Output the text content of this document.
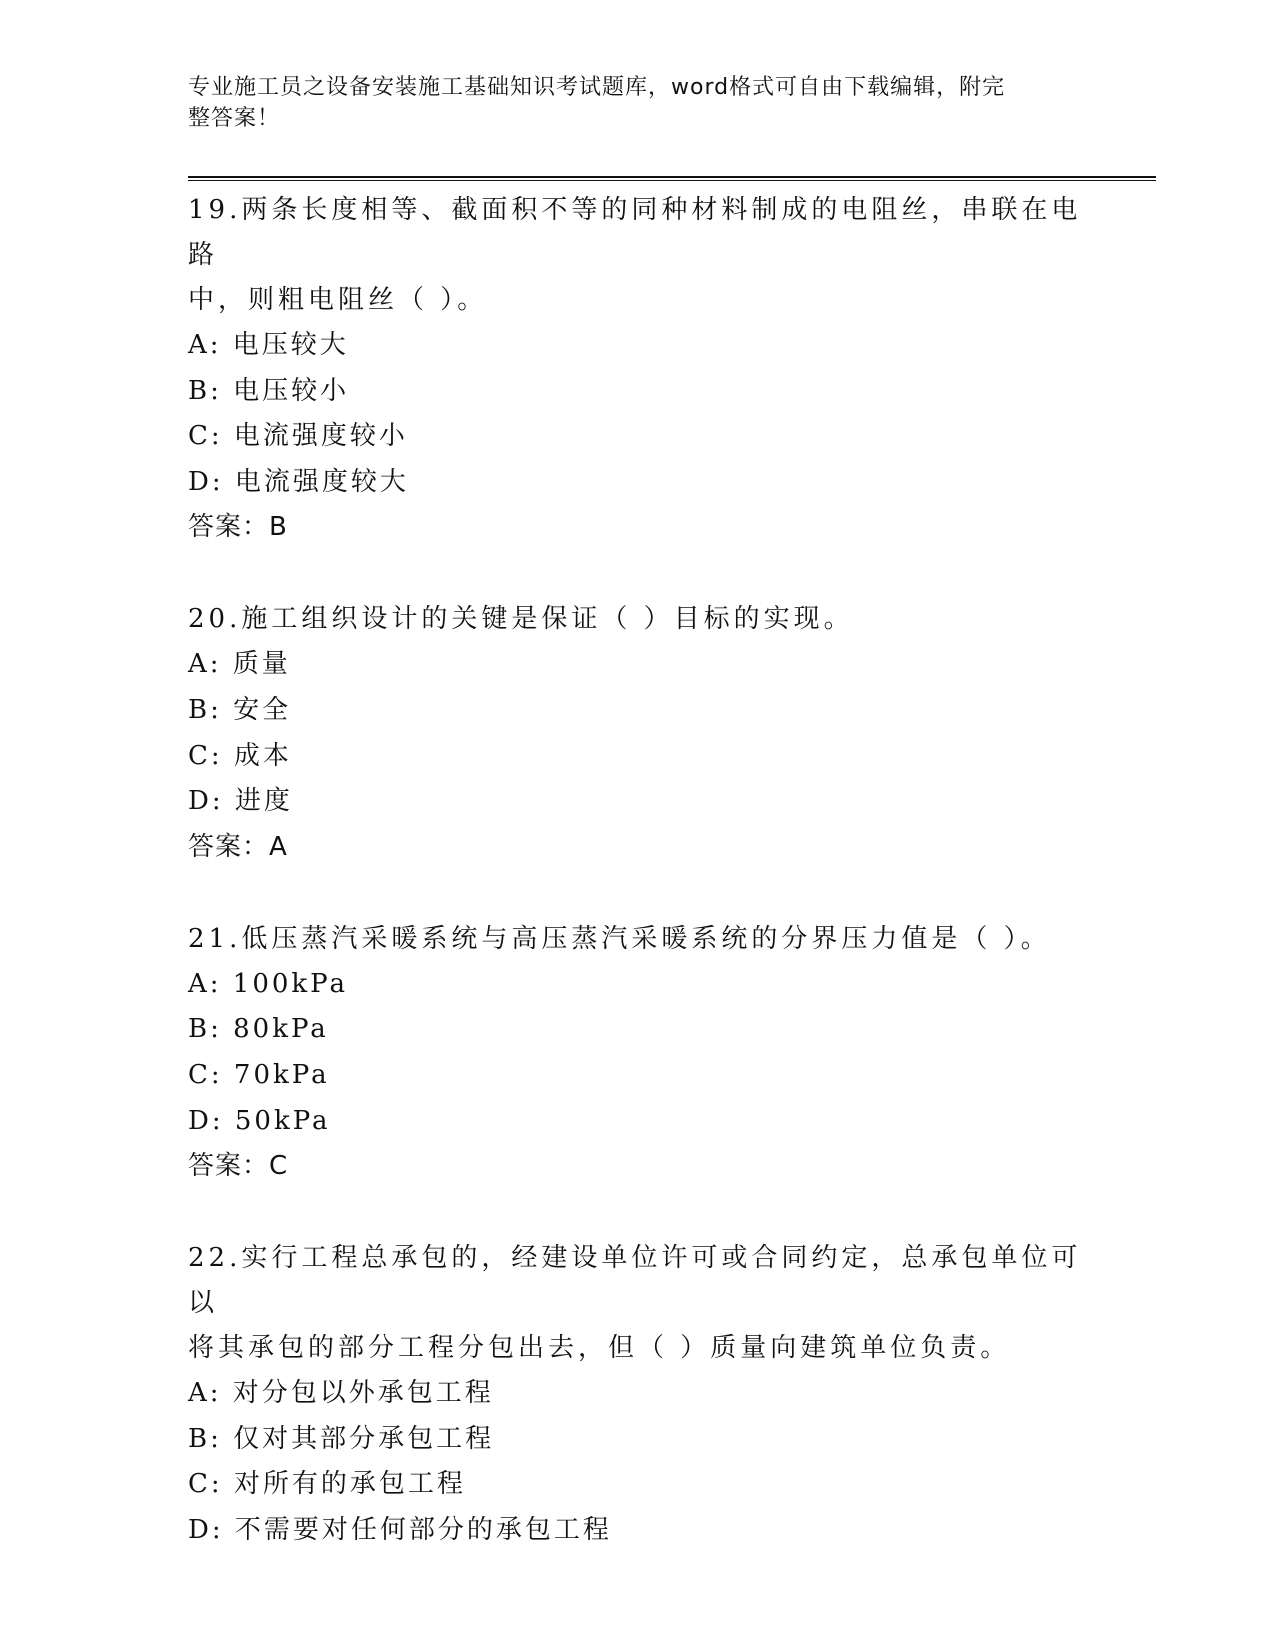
专业施工员之设备安装施工基础知识考试题库，word格式可自由下载编辑，附完
整答案！
19.两条长度相等、截面积不等的同种材料制成的电阻丝，串联在电路
中，则粗电阻丝（ ）。
A: 电压较大
B: 电压较小
C: 电流强度较小
D: 电流强度较大
答案：B
20.施工组织设计的关键是保证（ ）目标的实现。
A: 质量
B: 安全
C: 成本
D: 进度
答案：A
21.低压蒸汽采暖系统与高压蒸汽采暖系统的分界压力值是（ ）。
A: 100kPa
B: 80kPa
C: 70kPa
D: 50kPa
答案：C
22.实行工程总承包的，经建设单位许可或合同约定，总承包单位可以
将其承包的部分工程分包出去，但（ ）质量向建筑单位负责。
A: 对分包以外承包工程
B: 仅对其部分承包工程
C: 对所有的承包工程
D: 不需要对任何部分的承包工程
